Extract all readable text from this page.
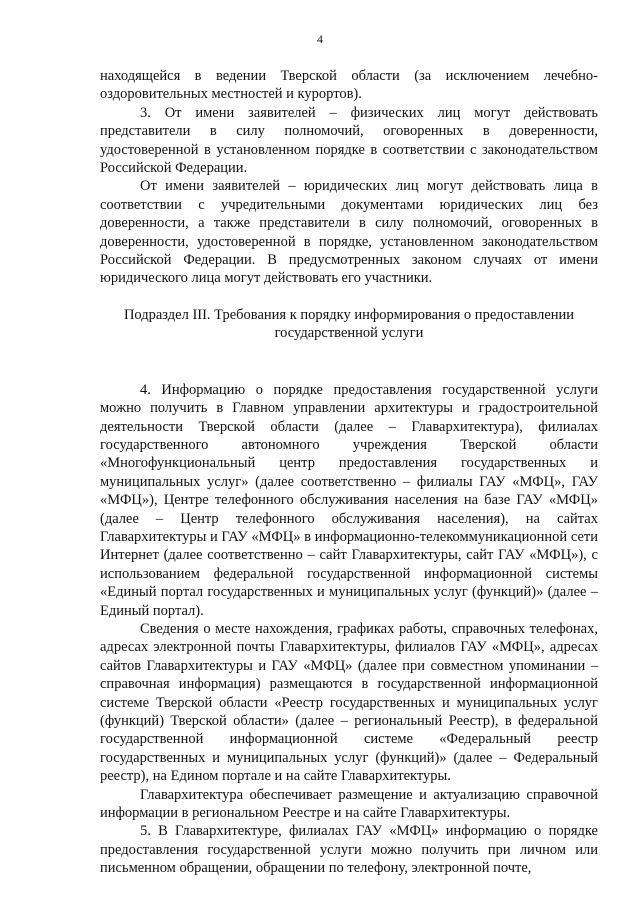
4

находящейся в ведении Тверской области (за исключением лечебно-оздоровительных местностей и курортов).

3. От имени заявителей – физических лиц могут действовать представители в силу полномочий, оговоренных в доверенности, удостоверенной в установленном порядке в соответствии с законодательством Российской Федерации.

От имени заявителей – юридических лиц могут действовать лица в соответствии с учредительными документами юридических лиц без доверенности, а также представители в силу полномочий, оговоренных в доверенности, удостоверенной в порядке, установленном законодательством Российской Федерации. В предусмотренных законом случаях от имени юридического лица могут действовать его участники.

Подраздел III. Требования к порядку информирования о предоставлении государственной услуги

4. Информацию о порядке предоставления государственной услуги можно получить в Главном управлении архитектуры и градостроительной деятельности Тверской области (далее – Главархитектура), филиалах государственного автономного учреждения Тверской области «Многофункциональный центр предоставления государственных и муниципальных услуг» (далее соответственно – филиалы ГАУ «МФЦ», ГАУ «МФЦ»), Центре телефонного обслуживания населения на базе ГАУ «МФЦ» (далее – Центр телефонного обслуживания населения), на сайтах Главархитектуры и ГАУ «МФЦ» в информационно-телекоммуникационной сети Интернет (далее соответственно – сайт Главархитектуры, сайт ГАУ «МФЦ»), с использованием федеральной государственной информационной системы «Единый портал государственных и муниципальных услуг (функций)» (далее – Единый портал).

Сведения о месте нахождения, графиках работы, справочных телефонах, адресах электронной почты Главархитектуры, филиалов ГАУ «МФЦ», адресах сайтов Главархитектуры и ГАУ «МФЦ» (далее при совместном упоминании – справочная информация) размещаются в государственной информационной системе Тверской области «Реестр государственных и муниципальных услуг (функций) Тверской области» (далее – региональный Реестр), в федеральной государственной информационной системе «Федеральный реестр государственных и муниципальных услуг (функций)» (далее – Федеральный реестр), на Едином портале и на сайте Главархитектуры.

Главархитектура обеспечивает размещение и актуализацию справочной информации в региональном Реестре и на сайте Главархитектуры.

5. В Главархитектуре, филиалах ГАУ «МФЦ» информацию о порядке предоставления государственной услуги можно получить при личном или письменном обращении, обращении по телефону, электронной почте,
